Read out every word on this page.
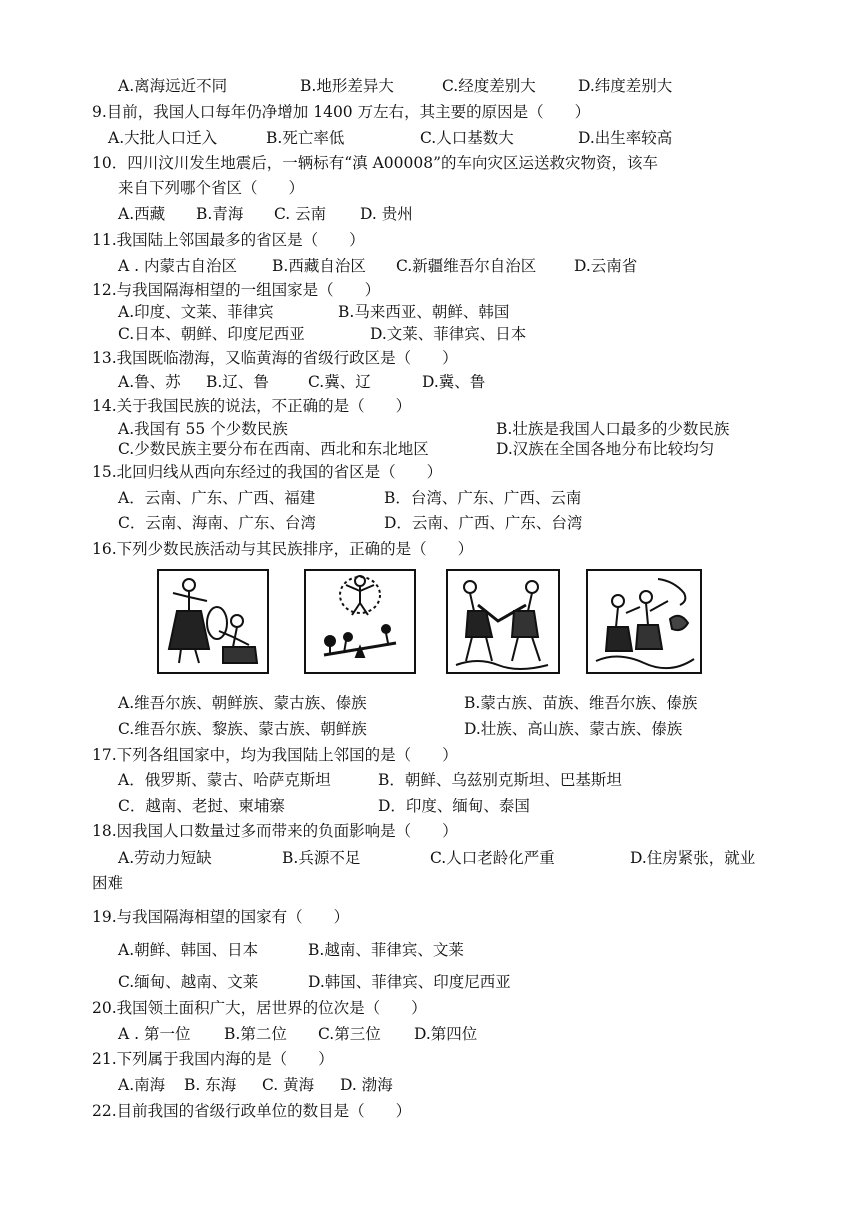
A.离海远近不同	B.地形差异大	C.经度差别大	D.纬度差别大
9.目前，我国人口每年仍净增加 1400 万左右，其主要的原因是（　　）
A.大批人口迁入	B.死亡率低	C.人口基数大	D.出生率较高
10．四川汶川发生地震后，一辆标有“滇 A00008”的车向灾区运送救灾物资，该车
来自下列哪个省区（　　）
A.西藏 B.青海 C. 云南 D. 贵州
11.我国陆上邻国最多的省区是（　　）
A . 内蒙古自治区 B.西藏自治区 C.新疆维吾尔自治区 D.云南省
12.与我国隔海相望的一组国家是（　　）
A.印度、文莱、菲律宾	B.马来西亚、朝鲜、韩国
C.日本、朝鲜、印度尼西亚	D.文莱、菲律宾、日本
13.我国既临渤海，又临黄海的省级行政区是（　　）
A.鲁、苏 B.辽、鲁	C.冀、辽	D.冀、鲁
14.关于我国民族的说法，不正确的是（　　）
A.我国有 55 个少数民族	B.壮族是我国人口最多的少数民族
C.少数民族主要分布在西南、西北和东北地区	D.汉族在全国各地分布比较均匀
15.北回归线从西向东经过的我国的省区是（　　）
A．云南、广东、广西、福建	B．台湾、广东、广西、云南
C．云南、海南、广东、台湾	D．云南、广西、广东、台湾
16.下列少数民族活动与其民族排序，正确的是（　　）
A.维吾尔族、朝鲜族、蒙古族、傣族	B.蒙古族、苗族、维吾尔族、傣族
C.维吾尔族、黎族、蒙古族、朝鲜族	D.壮族、高山族、蒙古族、傣族
17.下列各组国家中，均为我国陆上邻国的是（　　）
A．俄罗斯、蒙古、哈萨克斯坦	B．朝鲜、乌兹别克斯坦、巴基斯坦
C．越南、老挝、柬埔寨	D．印度、缅甸、泰国
18.因我国人口数量过多而带来的负面影响是（　　）
A.劳动力短缺	B.兵源不足	C.人口老龄化严重	D.住房紧张，就业
困难
19.与我国隔海相望的国家有（　　）
A.朝鲜、韩国、日本	B.越南、菲律宾、文莱
C.缅甸、越南、文莱	D.韩国、菲律宾、印度尼西亚
20.我国领土面积广大，居世界的位次是（　　）
A . 第一位 B.第二位 C.第三位 D.第四位
21.下列属于我国内海的是（　　）
A.南海 B. 东海 C. 黄海 D. 渤海
22.目前我国的省级行政单位的数目是（　　）
